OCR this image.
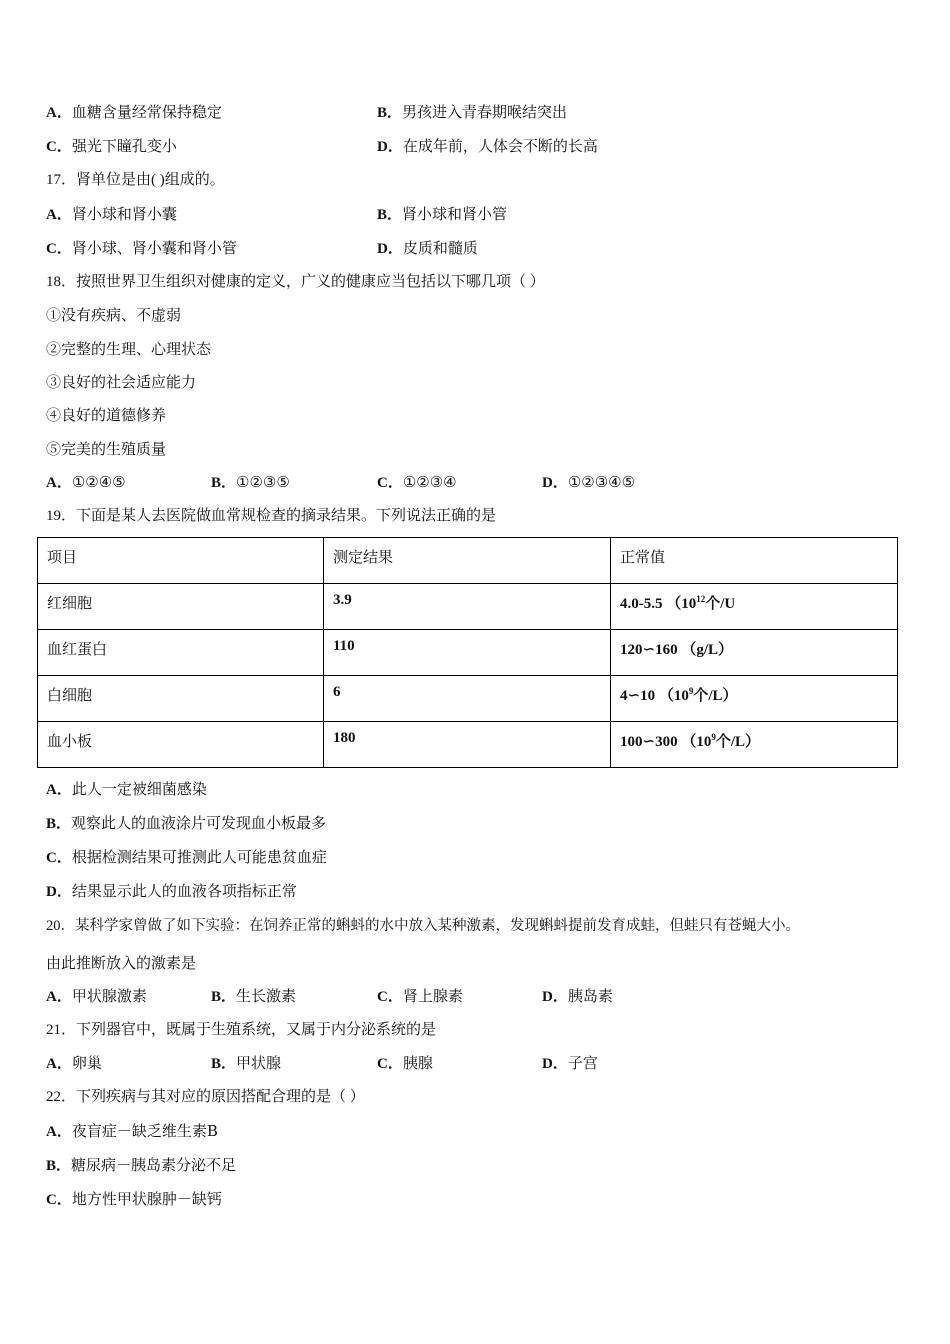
A．血糖含量经常保持稳定	B．男孩进入青春期喉结突出
C．强光下瞳孔变小	D．在成年前，人体会不断的长高
17．肾单位是由( )组成的。
A．肾小球和肾小囊	B．肾小球和肾小管
C．肾小球、肾小囊和肾小管	D．皮质和髓质
18．按照世界卫生组织对健康的定义，广义的健康应当包括以下哪几项（ ）
①没有疾病、不虚弱
②完整的生理、心理状态
③良好的社会适应能力
④良好的道德修养
⑤完美的生殖质量
A．①②④⑤	B．①②③⑤	C．①②③④	D．①②③④⑤
19．下面是某人去医院做血常规检查的摘录结果。下列说法正确的是
项目	测定结果	正常值
红细胞	3.9	4.0-5.5 （$10^{12}$个/U
血红蛋白	110	120∽160 （g/L）
白细胞	6	4∽10 （$10^9$个/L）
血小板	180	100∽300 （$10^9$个/L）
A．此人一定被细菌感染
B．观察此人的血液涂片可发现血小板最多
C．根据检测结果可推测此人可能患贫血症
D．结果显示此人的血液各项指标正常
20．某科学家曾做了如下实验：在饲养正常的蝌蚪的水中放入某种激素，发现蝌蚪提前发育成蛙，但蛙只有苍蝇大小。
由此推断放入的激素是
A．甲状腺激素	B．生长激素	C．肾上腺素	D．胰岛素
21．下列器官中，既属于生殖系统，又属于内分泌系统的是
A．卵巢	B．甲状腺	C．胰腺	D．子宫
22．下列疾病与其对应的原因搭配合理的是（ ）
A．夜盲症－缺乏维生素B
B．糖尿病－胰岛素分泌不足
C．地方性甲状腺肿－缺钙
